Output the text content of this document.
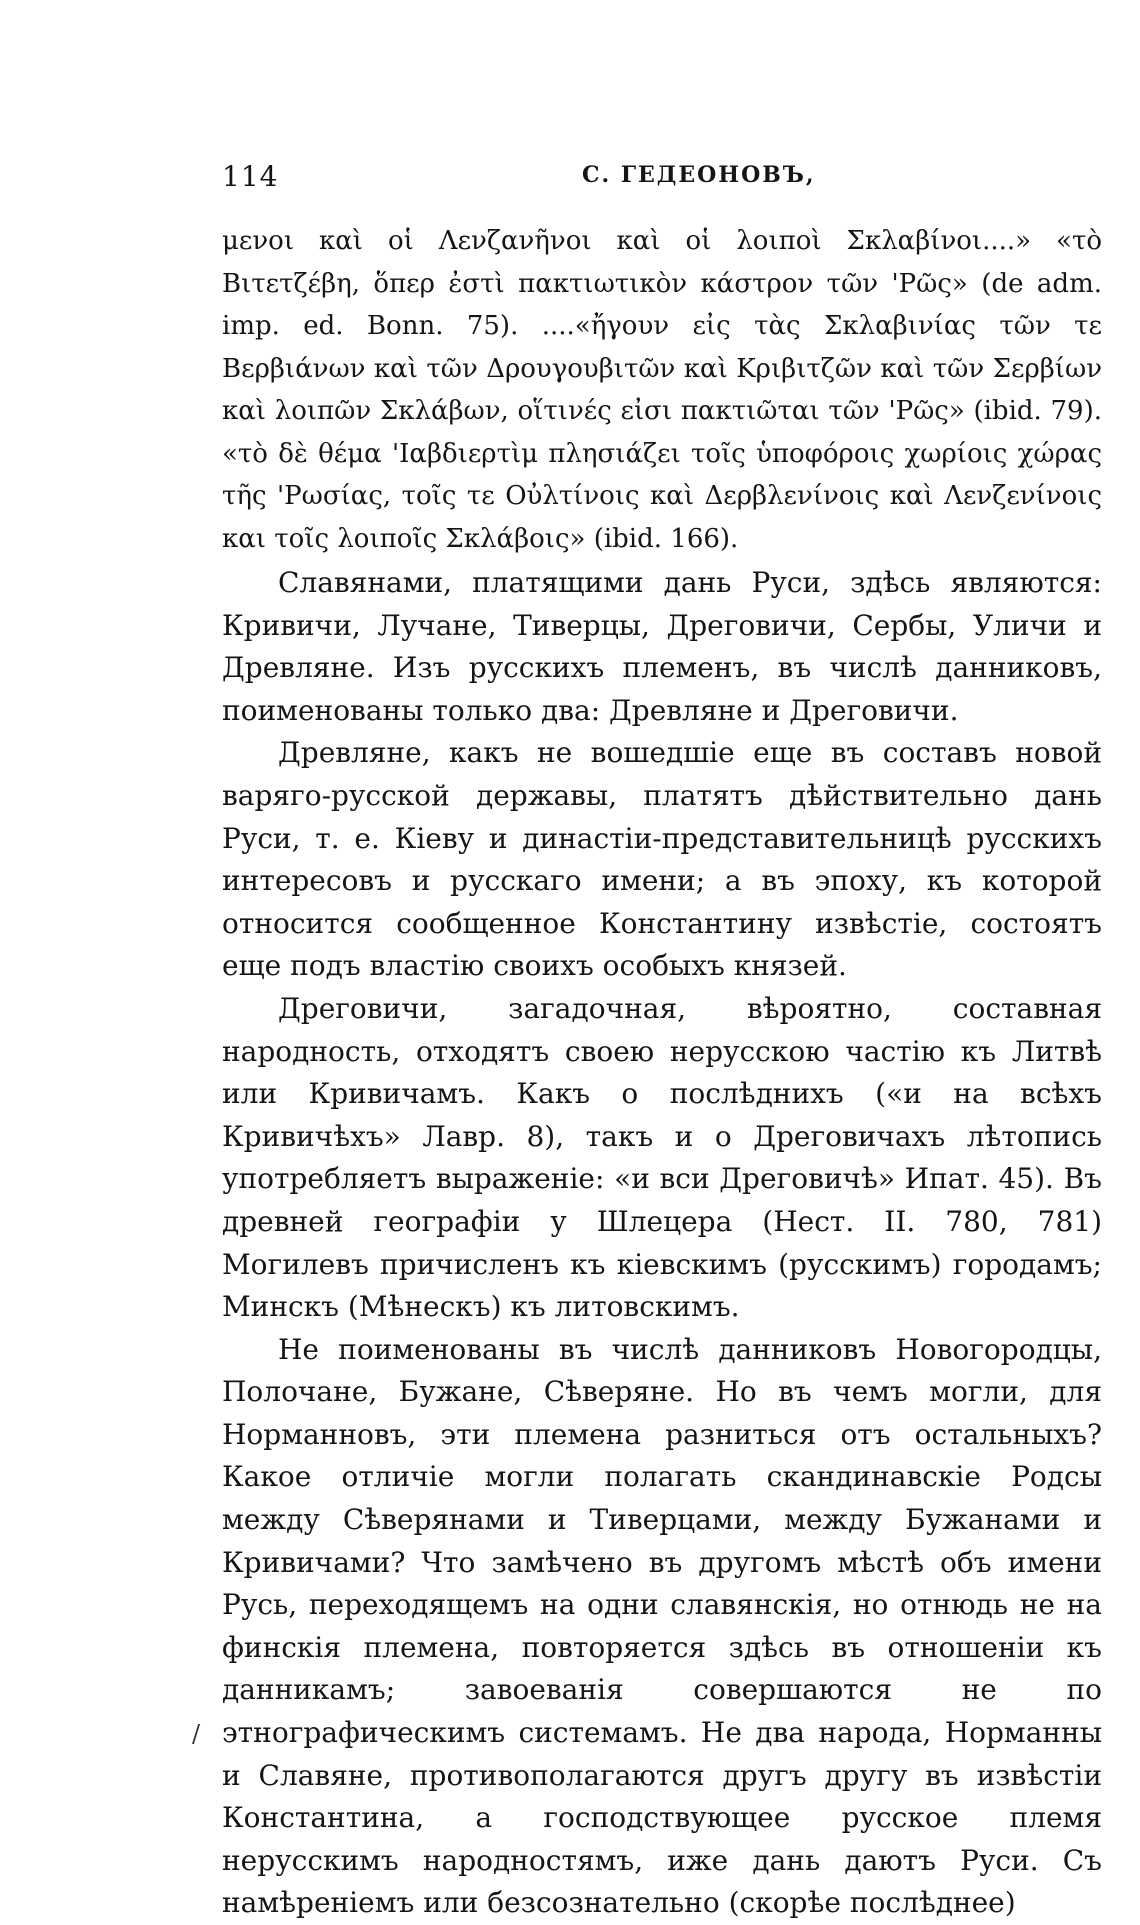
114	С. ГЕДЕОНОВЪ,

μενοι καὶ οἱ Λενζανῆνοι καὶ οἱ λοιποὶ Σκλαβίνοι....» «τὸ Βιτετζέβη, ὅπερ ἐστὶ πακτιωτικὸν κάστρον τῶν 'Ρῶς» (de adm. imp. ed. Bonn. 75). ....«ἤγουν εἰς τὰς Σκλαβινίας τῶν τε Βερβιάνων καὶ τῶν Δρουγουβιτῶν καὶ Κριβιτζῶν καὶ τῶν Σερβίων καὶ λοιπῶν Σκλάβων, οἵτινές εἰσι πακτιῶται τῶν 'Ρῶς» (ibid. 79). «τὸ δὲ θέμα 'Ιαβδιερτὶμ πλησιάζει τοῖς ὑποφόροις χωρίοις χώρας τῆς 'Ρωσίας, τοῖς τε Οὐλτίνοις καὶ Δερβλενίνοις καὶ Λενζενίνοις και τοῖς λοιποῖς Σκλάβοις» (ibid. 166).

Славянами, платящими дань Руси, здѣсь являются: Кривичи, Лучане, Тиверцы, Дреговичи, Сербы, Уличи и Древляне. Изъ русскихъ племенъ, въ числѣ данниковъ, поименованы только два: Древляне и Дреговичи.

Древляне, какъ не вошедшіе еще въ составъ новой варяго-русской державы, платятъ дѣйствительно дань Руси, т. е. Кіеву и династіи-представительницѣ русскихъ интересовъ и русскаго имени; а въ эпоху, къ которой относится сообщенное Константину извѣстіе, состоятъ еще подъ властію своихъ особыхъ князей.

Дреговичи, загадочная, вѣроятно, составная народность, отходятъ своею нерусскою частію къ Литвѣ или Кривичамъ. Какъ о послѣднихъ («и на всѣхъ Кривичѣхъ» Лавр. 8), такъ и о Дреговичахъ лѣтопись употребляетъ выраженіе: «и вси Дреговичѣ» Ипат. 45). Въ древней географіи у Шлецера (Нест. II. 780, 781) Могилевъ причисленъ къ кіевскимъ (русскимъ) городамъ; Минскъ (Мѣнескъ) къ литовскимъ.

Не поименованы въ числѣ данниковъ Новогородцы, Полочане, Бужане, Сѣверяне. Но въ чемъ могли, для Норманновъ, эти племена разниться отъ остальныхъ? Какое отличіе могли полагать скандинавскіе Родсы между Сѣверянами и Тиверцами, между Бужанами и Кривичами? Что замѣчено въ другомъ мѣстѣ объ имени Русь, переходящемъ на одни славянскія, но отнюдь не на финскія племена, повторяется здѣсь въ отношеніи къ данникамъ; завоеванія совершаются не по этнографическимъ системамъ. Не два народа, Норманны и Славяне, противополагаются другъ другу въ извѣстіи Константина, а господствующее русское племя нерусскимъ народностямъ, иже дань даютъ Руси. Съ намѣреніемъ или безсознательно (скорѣе послѣднее)

/
